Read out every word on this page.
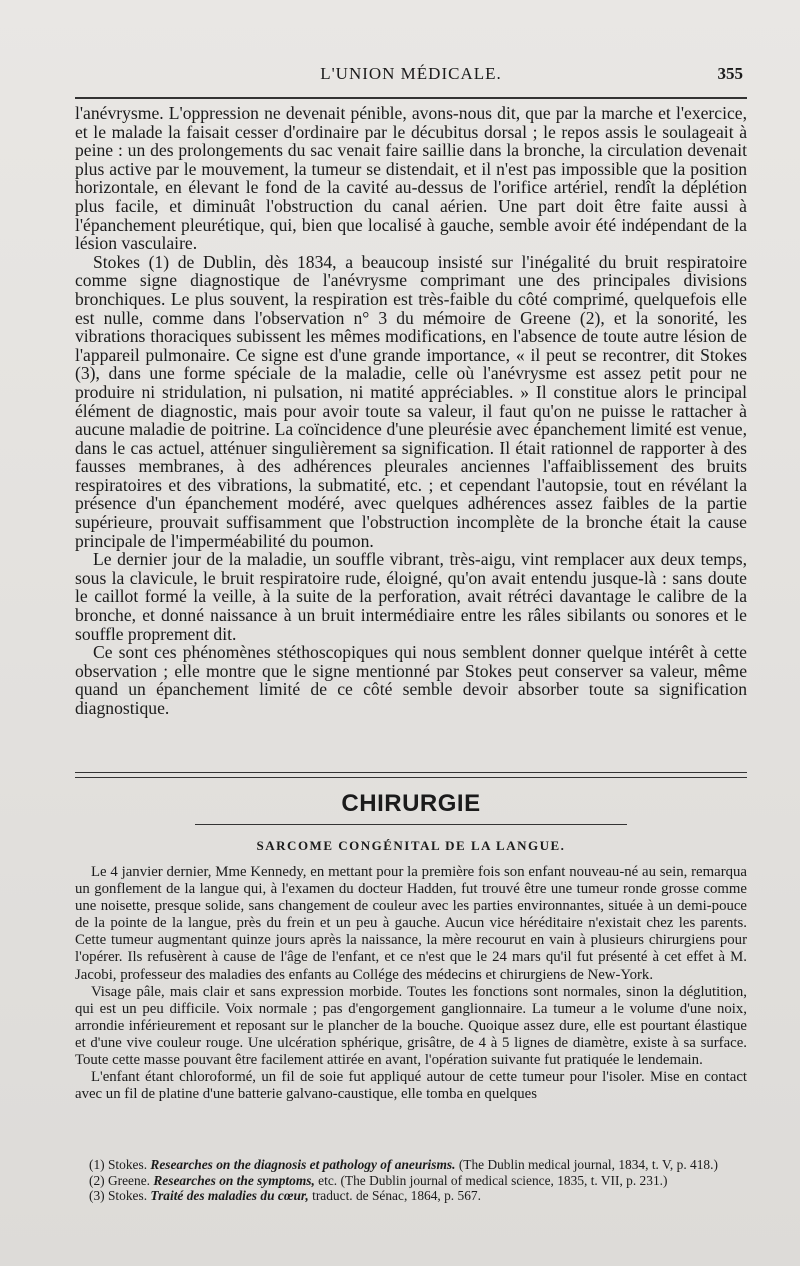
L'UNION MÉDICALE.	355

l'anévrysme. L'oppression ne devenait pénible, avons-nous dit, que par la marche et l'exercice, et le malade la faisait cesser d'ordinaire par le décubitus dorsal ; le repos assis le soulageait à peine : un des prolongements du sac venait faire saillie dans la bronche, la circulation devenait plus active par le mouvement, la tumeur se distendait, et il n'est pas impossible que la position horizontale, en élevant le fond de la cavité au-dessus de l'orifice artériel, rendît la déplétion plus facile, et diminuât l'obstruction du canal aérien. Une part doit être faite aussi à l'épanchement pleurétique, qui, bien que localisé à gauche, semble avoir été indépendant de la lésion vasculaire.

Stokes (1) de Dublin, dès 1834, a beaucoup insisté sur l'inégalité du bruit respiratoire comme signe diagnostique de l'anévrysme comprimant une des principales divisions bronchiques. Le plus souvent, la respiration est très-faible du côté comprimé, quelquefois elle est nulle, comme dans l'observation n° 3 du mémoire de Greene (2), et la sonorité, les vibrations thoraciques subissent les mêmes modifications, en l'absence de toute autre lésion de l'appareil pulmonaire. Ce signe est d'une grande importance, « il peut se recontrer, dit Stokes (3), dans une forme spéciale de la maladie, celle où l'anévrysme est assez petit pour ne produire ni stridulation, ni pulsation, ni matité appréciables. » Il constitue alors le principal élément de diagnostic, mais pour avoir toute sa valeur, il faut qu'on ne puisse le rattacher à aucune maladie de poitrine. La coïncidence d'une pleurésie avec épanchement limité est venue, dans le cas actuel, atténuer singulièrement sa signification. Il était rationnel de rapporter à des fausses membranes, à des adhérences pleurales anciennes l'affaiblissement des bruits respiratoires et des vibrations, la submatité, etc. ; et cependant l'autopsie, tout en révélant la présence d'un épanchement modéré, avec quelques adhérences assez faibles de la partie supérieure, prouvait suffisamment que l'obstruction incomplète de la bronche était la cause principale de l'imperméabilité du poumon.

Le dernier jour de la maladie, un souffle vibrant, très-aigu, vint remplacer aux deux temps, sous la clavicule, le bruit respiratoire rude, éloigné, qu'on avait entendu jusque-là : sans doute le caillot formé la veille, à la suite de la perforation, avait rétréci davantage le calibre de la bronche, et donné naissance à un bruit intermédiaire entre les râles sibilants ou sonores et le souffle proprement dit.

Ce sont ces phénomènes stéthoscopiques qui nous semblent donner quelque intérêt à cette observation ; elle montre que le signe mentionné par Stokes peut conserver sa valeur, même quand un épanchement limité de ce côté semble devoir absorber toute sa signification diagnostique.

CHIRURGIE
SARCOME CONGÉNITAL DE LA LANGUE.

Le 4 janvier dernier, Mme Kennedy, en mettant pour la première fois son enfant nouveau-né au sein, remarqua un gonflement de la langue qui, à l'examen du docteur Hadden, fut trouvé être une tumeur ronde grosse comme une noisette, presque solide, sans changement de couleur avec les parties environnantes, située à un demi-pouce de la pointe de la langue, près du frein et un peu à gauche. Aucun vice héréditaire n'existait chez les parents. Cette tumeur augmentant quinze jours après la naissance, la mère recourut en vain à plusieurs chirurgiens pour l'opérer. Ils refusèrent à cause de l'âge de l'enfant, et ce n'est que le 24 mars qu'il fut présenté à cet effet à M. Jacobi, professeur des maladies des enfants au Collége des médecins et chirurgiens de New-York.

Visage pâle, mais clair et sans expression morbide. Toutes les fonctions sont normales, sinon la déglutition, qui est un peu difficile. Voix normale ; pas d'engorgement ganglionnaire. La tumeur a le volume d'une noix, arrondie inférieurement et reposant sur le plancher de la bouche. Quoique assez dure, elle est pourtant élastique et d'une vive couleur rouge. Une ulcération sphérique, grisâtre, de 4 à 5 lignes de diamètre, existe à sa surface. Toute cette masse pouvant être facilement attirée en avant, l'opération suivante fut pratiquée le lendemain.

L'enfant étant chloroformé, un fil de soie fut appliqué autour de cette tumeur pour l'isoler. Mise en contact avec un fil de platine d'une batterie galvano-caustique, elle tomba en quelques

(1) Stokes. Researches on the diagnosis et pathology of aneurisms. (The Dublin medical journal, 1834, t. V, p. 418.)

(2) Greene. Researches on the symptoms, etc. (The Dublin journal of medical science, 1835, t. VII, p. 231.)

(3) Stokes. Traité des maladies du cœur, traduct. de Sénac, 1864, p. 567.
